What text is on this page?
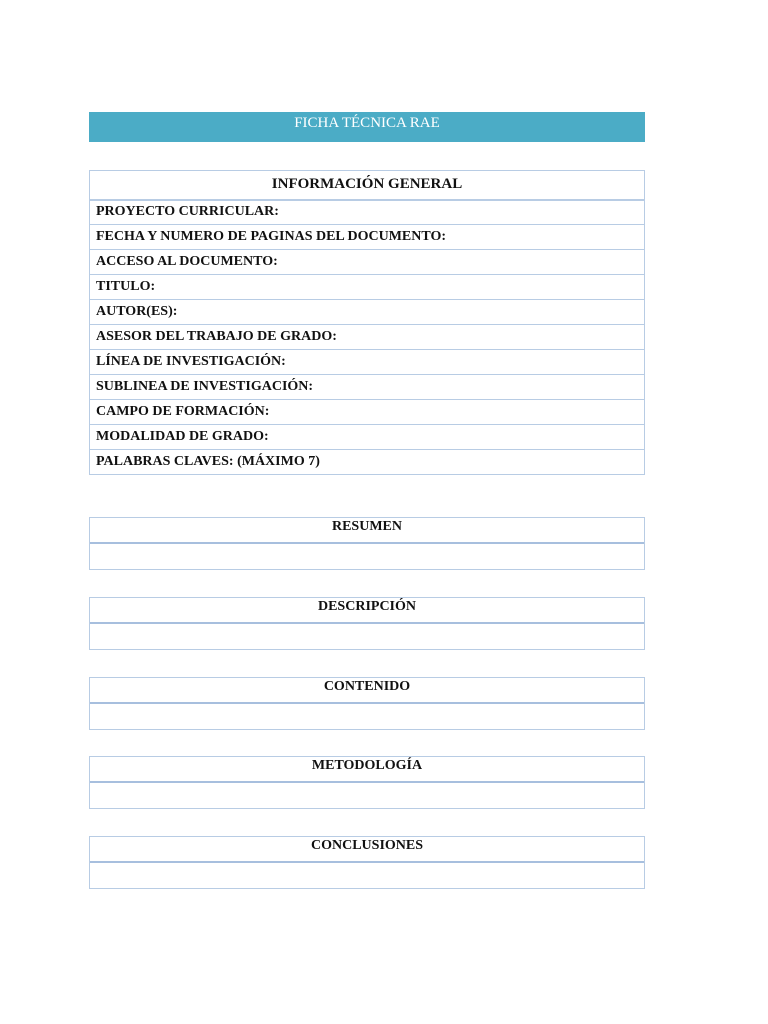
FICHA TÉCNICA RAE
INFORMACIÓN GENERAL
PROYECTO CURRICULAR:
FECHA Y NUMERO DE PAGINAS DEL DOCUMENTO:
ACCESO AL DOCUMENTO:
TITULO:
AUTOR(ES):
ASESOR DEL TRABAJO DE GRADO:
LÍNEA DE INVESTIGACIÓN:
SUBLINEA DE INVESTIGACIÓN:
CAMPO DE FORMACIÓN:
MODALIDAD DE GRADO:
PALABRAS CLAVES: (MÁXIMO 7)
RESUMEN
DESCRIPCIÓN
CONTENIDO
METODOLOGÍA
CONCLUSIONES
